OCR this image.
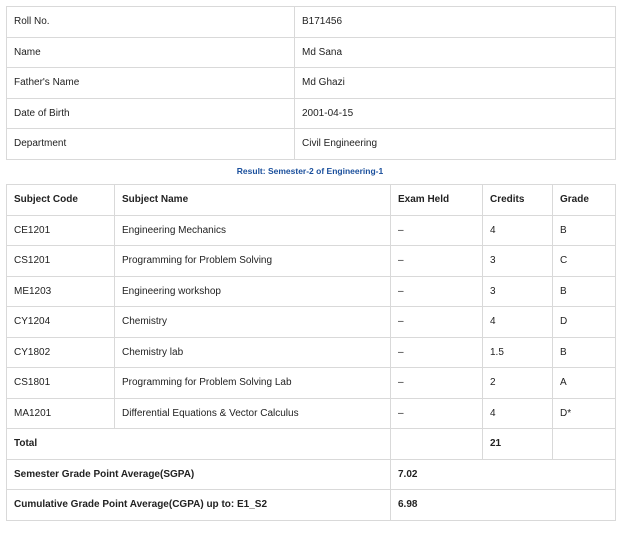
Roll No.	B171456
Name	Md Sana
Father's Name	Md Ghazi
Date of Birth	2001-04-15
Department	Civil Engineering
Result: Semester-2 of Engineering-1
Subject Code	Subject Name	Exam Held	Credits	Grade
CE1201	Engineering Mechanics	–	4	B
CS1201	Programming for Problem Solving	–	3	C
ME1203	Engineering workshop	–	3	B
CY1204	Chemistry	–	4	D
CY1802	Chemistry lab	–	1.5	B
CS1801	Programming for Problem Solving Lab	–	2	A
MA1201	Differential Equations & Vector Calculus	–	4	D*
Total			21	
Semester Grade Point Average(SGPA)		7.02		
Cumulative Grade Point Average(CGPA) up to: E1_S2		6.98		
